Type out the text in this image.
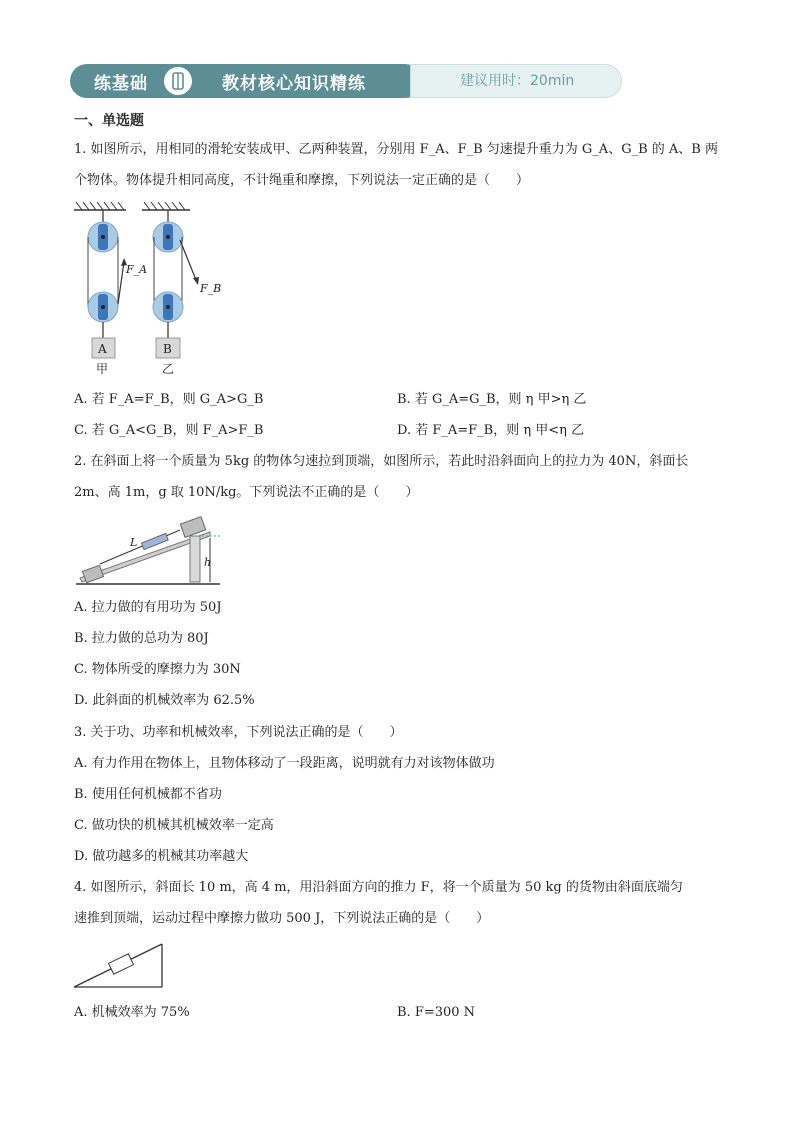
练基础	教材核心知识精练	建议用时：20min
一、单选题
1. 如图所示，用相同的滑轮安装成甲、乙两种装置，分别用 F_A、F_B 匀速提升重力为 G_A、G_B 的 A、B 两
个物体。物体提升相同高度，不计绳重和摩擦，下列说法一定正确的是（　　）
A
F_A
甲
B
F_B
乙
A. 若 F_A=F_B，则 G_A>G_B	B. 若 G_A=G_B，则 η 甲>η 乙
C. 若 G_A<G_B，则 F_A>F_B	D. 若 F_A=F_B，则 η 甲<η 乙
2. 在斜面上将一个质量为 5kg 的物体匀速拉到顶端，如图所示，若此时沿斜面向上的拉力为 40N，斜面长
2m、高 1m，g 取 10N/kg。下列说法不正确的是（　　）
L
h
A. 拉力做的有用功为 50J
B. 拉力做的总功为 80J
C. 物体所受的摩擦力为 30N
D. 此斜面的机械效率为 62.5%
3. 关于功、功率和机械效率，下列说法正确的是（　　）
A. 有力作用在物体上，且物体移动了一段距离，说明就有力对该物体做功
B. 使用任何机械都不省功
C. 做功快的机械其机械效率一定高
D. 做功越多的机械其功率越大
4. 如图所示，斜面长 10 m，高 4 m，用沿斜面方向的推力 F，将一个质量为 50 kg 的货物由斜面底端匀
速推到顶端，运动过程中摩擦力做功 500 J，下列说法正确的是（　　）
A. 机械效率为 75%	B. F=300 N
